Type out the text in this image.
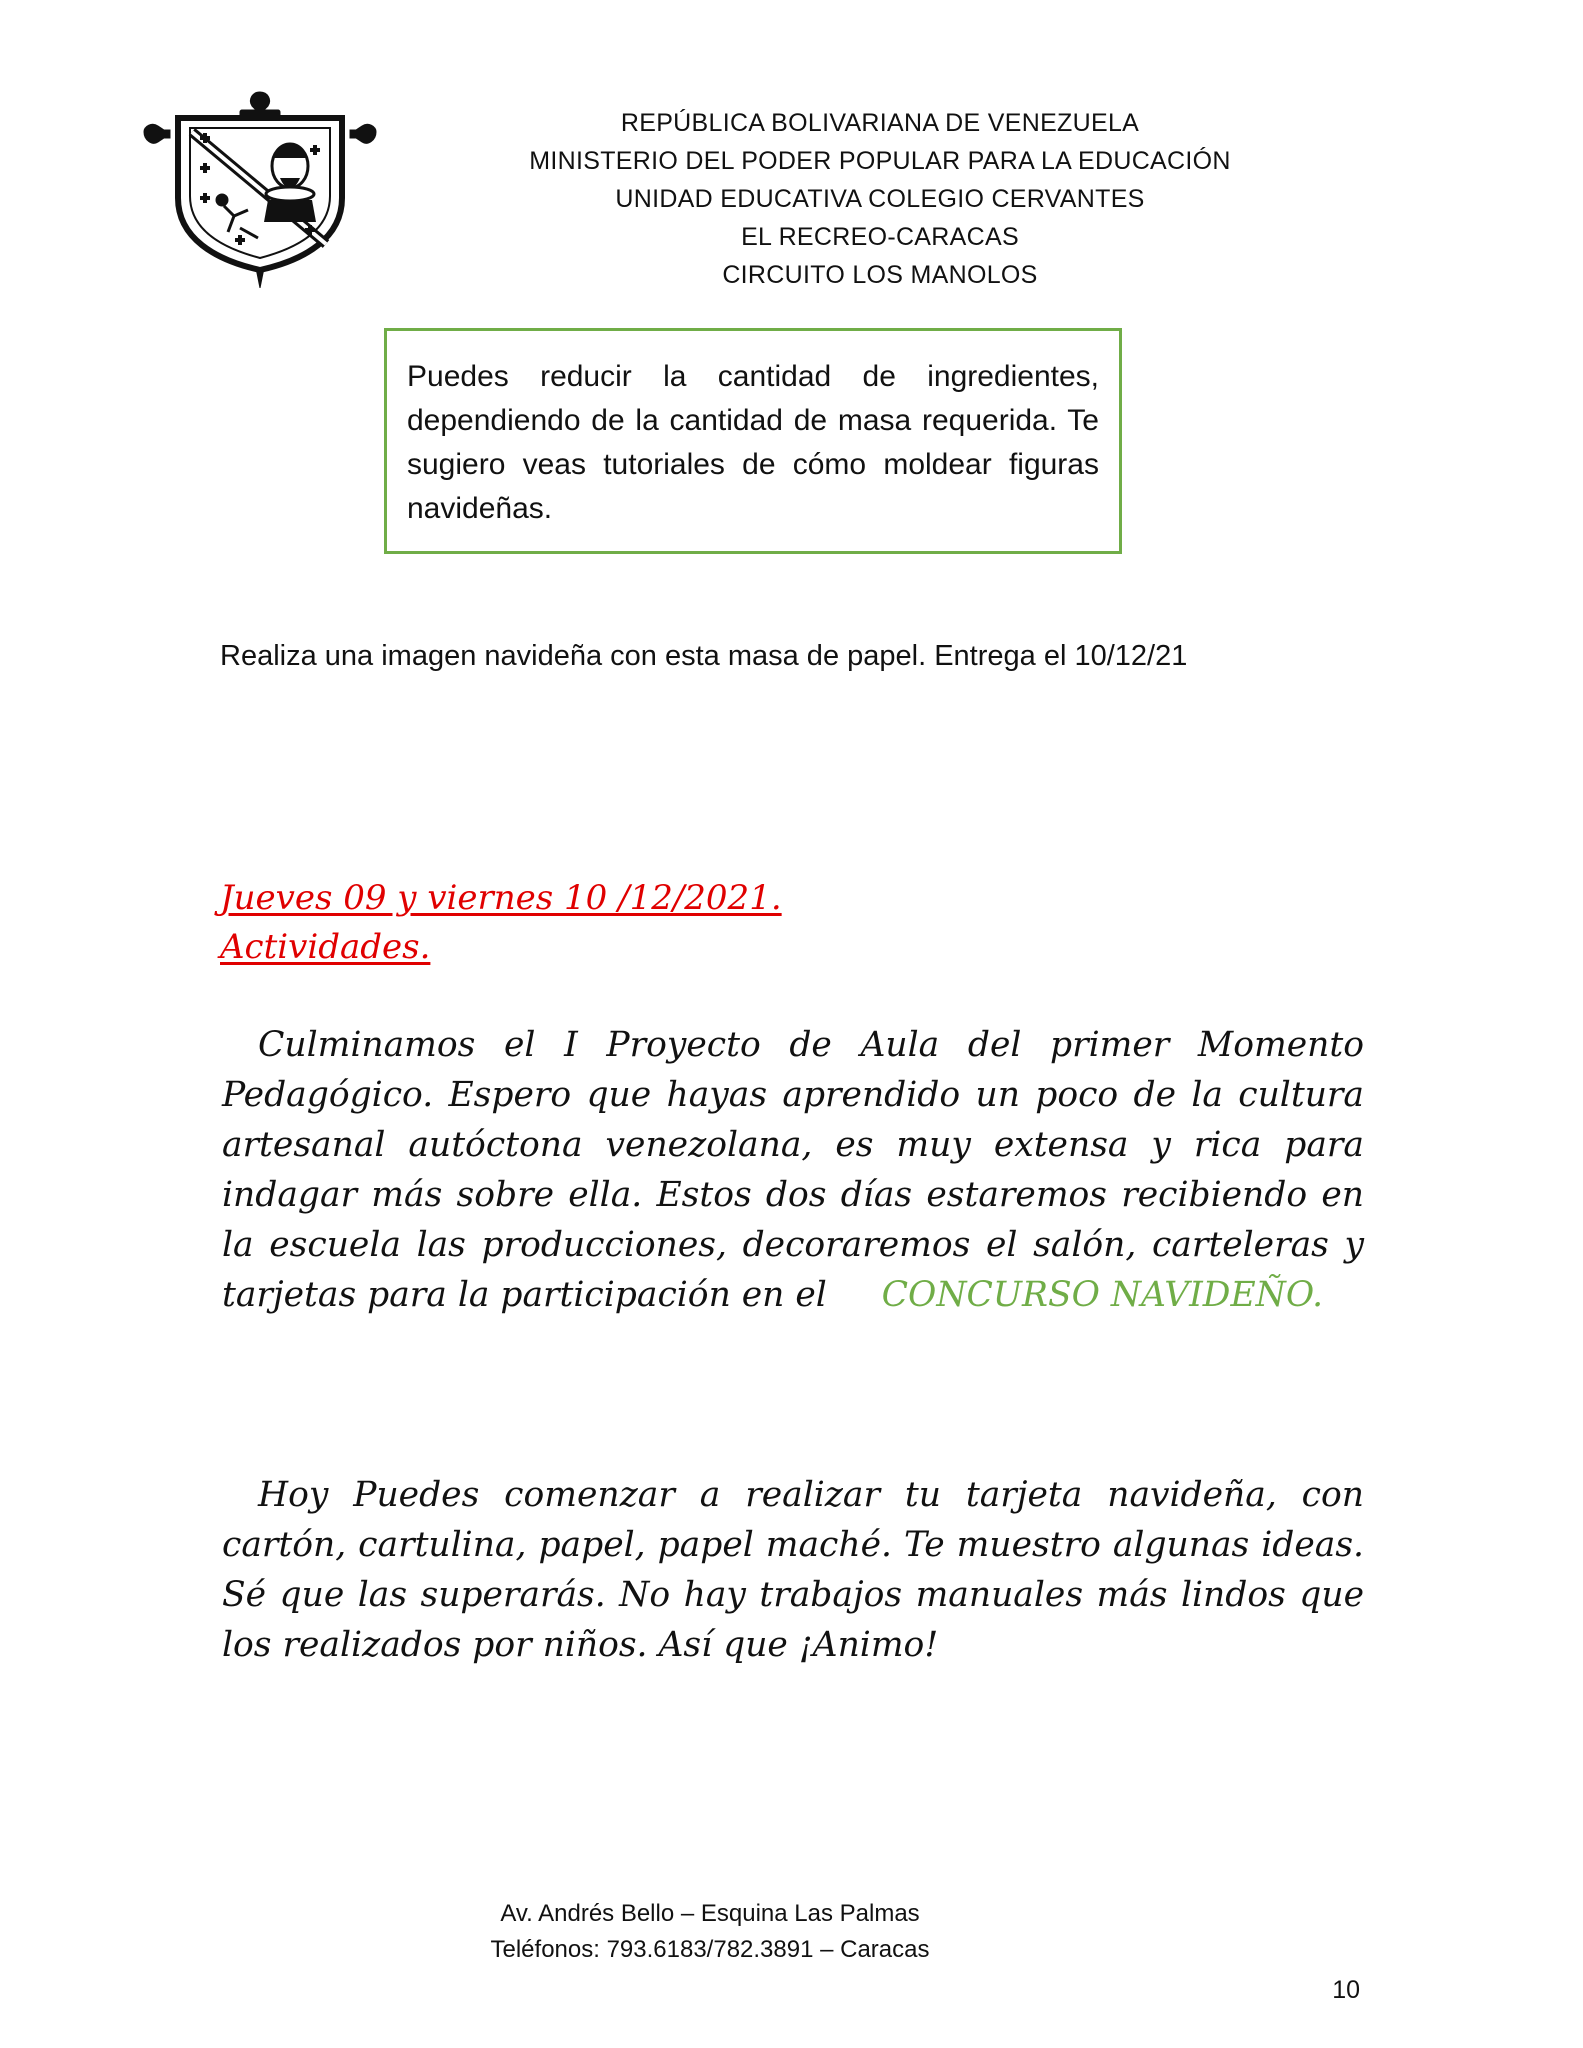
REPÚBLICA BOLIVARIANA DE VENEZUELA
MINISTERIO DEL PODER POPULAR PARA LA EDUCACIÓN
UNIDAD EDUCATIVA COLEGIO CERVANTES
EL RECREO-CARACAS
CIRCUITO LOS MANOLOS

Puedes reducir la cantidad de ingredientes, dependiendo de la cantidad de masa requerida. Te sugiero veas tutoriales de cómo moldear figuras navideñas.

Realiza una imagen navideña con esta masa de papel. Entrega el 10/12/21
Jueves 09 y viernes 10 /12/2021.
Actividades.

Culminamos el I Proyecto de Aula del primer Momento Pedagógico. Espero que hayas aprendido un poco de la cultura artesanal autóctona venezolana, es muy extensa y rica para indagar más sobre ella. Estos dos días estaremos recibiendo en la escuela las producciones, decoraremos el salón, carteleras y tarjetas para la participación en el CONCURSO NAVIDEÑO.

Hoy Puedes comenzar a realizar tu tarjeta navideña, con cartón, cartulina, papel, papel maché. Te muestro algunas ideas. Sé que las superarás. No hay trabajos manuales más lindos que los realizados por niños. Así que ¡Animo!

Av. Andrés Bello – Esquina Las Palmas
Teléfonos: 793.6183/782.3891 – Caracas
10
